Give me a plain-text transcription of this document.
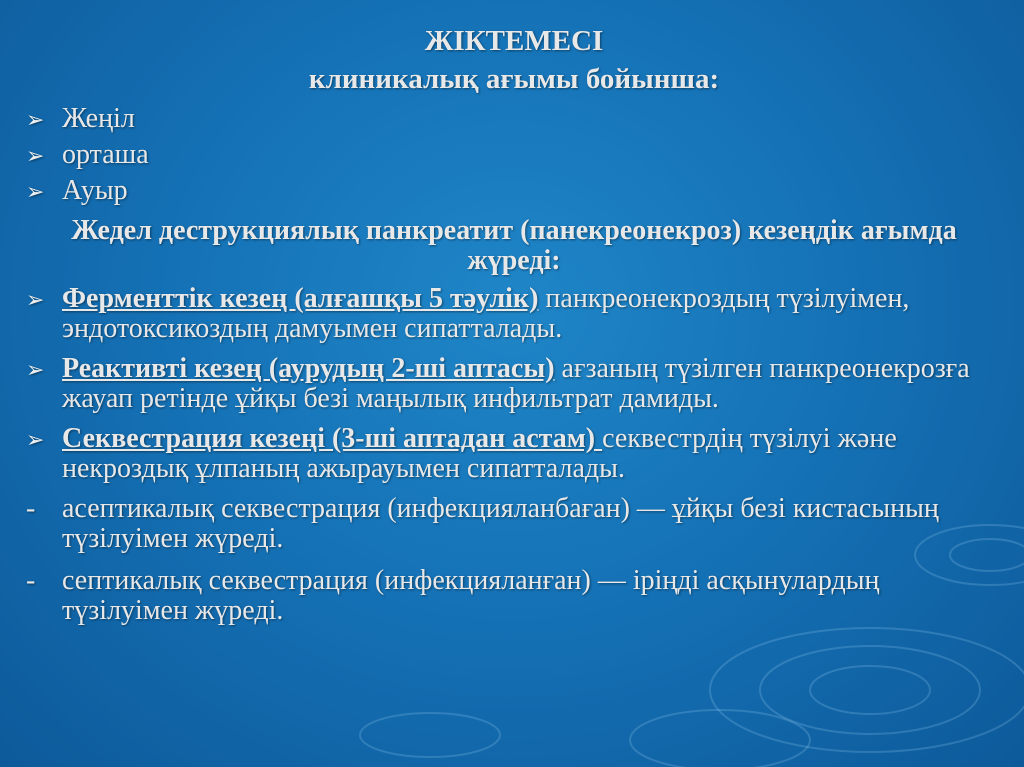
ЖІКТЕМЕСІ
клиникалық ағымы бойынша:
➢ Жеңіл
➢ орташа
➢ Ауыр
Жедел деструкциялық панкреатит (панекреонекроз) кезеңдік ағымда жүреді:
➢ Ферменттік кезең (алғашқы 5 тәулік) панкреонекроздың түзілуімен, эндотоксикоздың дамуымен сипатталады.
➢ Реактивті кезең (аурудың 2-ші аптасы) ағзаның түзілген панкреонекрозға жауап ретінде ұйқы безі маңылық инфильтрат дамиды.
➢ Секвестрация кезеңі (3-ші аптадан астам) секвестрдің түзілуі және некроздық ұлпаның ажырауымен сипатталады.
- асептикалық секвестрация (инфекцияланбаған) — ұйқы безі кистасының түзілуімен жүреді.
- септикалық секвестрация (инфекцияланған) — іріңді асқынулардың түзілуімен жүреді.
